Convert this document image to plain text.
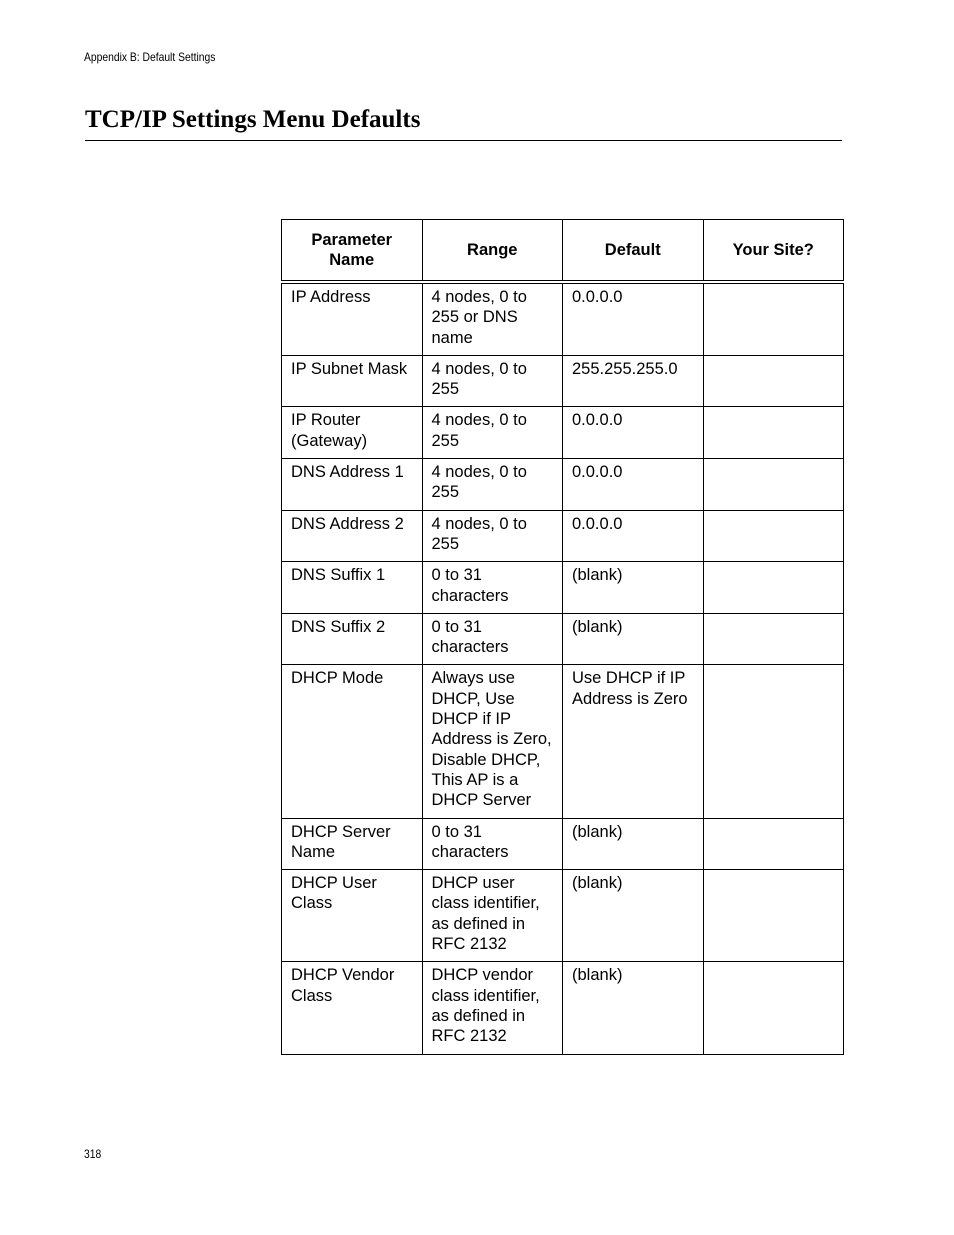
Appendix B: Default Settings
TCP/IP Settings Menu Defaults
Parameter
Name	Range	Default	Your Site?
IP Address	4 nodes, 0 to 255 or DNS name	0.0.0.0	
IP Subnet Mask	4 nodes, 0 to 255	255.255.255.0	
IP Router (Gateway)	4 nodes, 0 to 255	0.0.0.0	
DNS Address 1	4 nodes, 0 to 255	0.0.0.0	
DNS Address 2	4 nodes, 0 to 255	0.0.0.0	
DNS Suffix 1	0 to 31 characters	(blank)	
DNS Suffix 2	0 to 31 characters	(blank)	
DHCP Mode	Always use DHCP, Use DHCP if IP Address is Zero, Disable DHCP, This AP is a DHCP Server	Use DHCP if IP Address is Zero	
DHCP Server Name	0 to 31 characters	(blank)	
DHCP User Class	DHCP user class identifier, as defined in RFC 2132	(blank)	
DHCP Vendor Class	DHCP vendor class identifier, as defined in RFC 2132	(blank)	
318
